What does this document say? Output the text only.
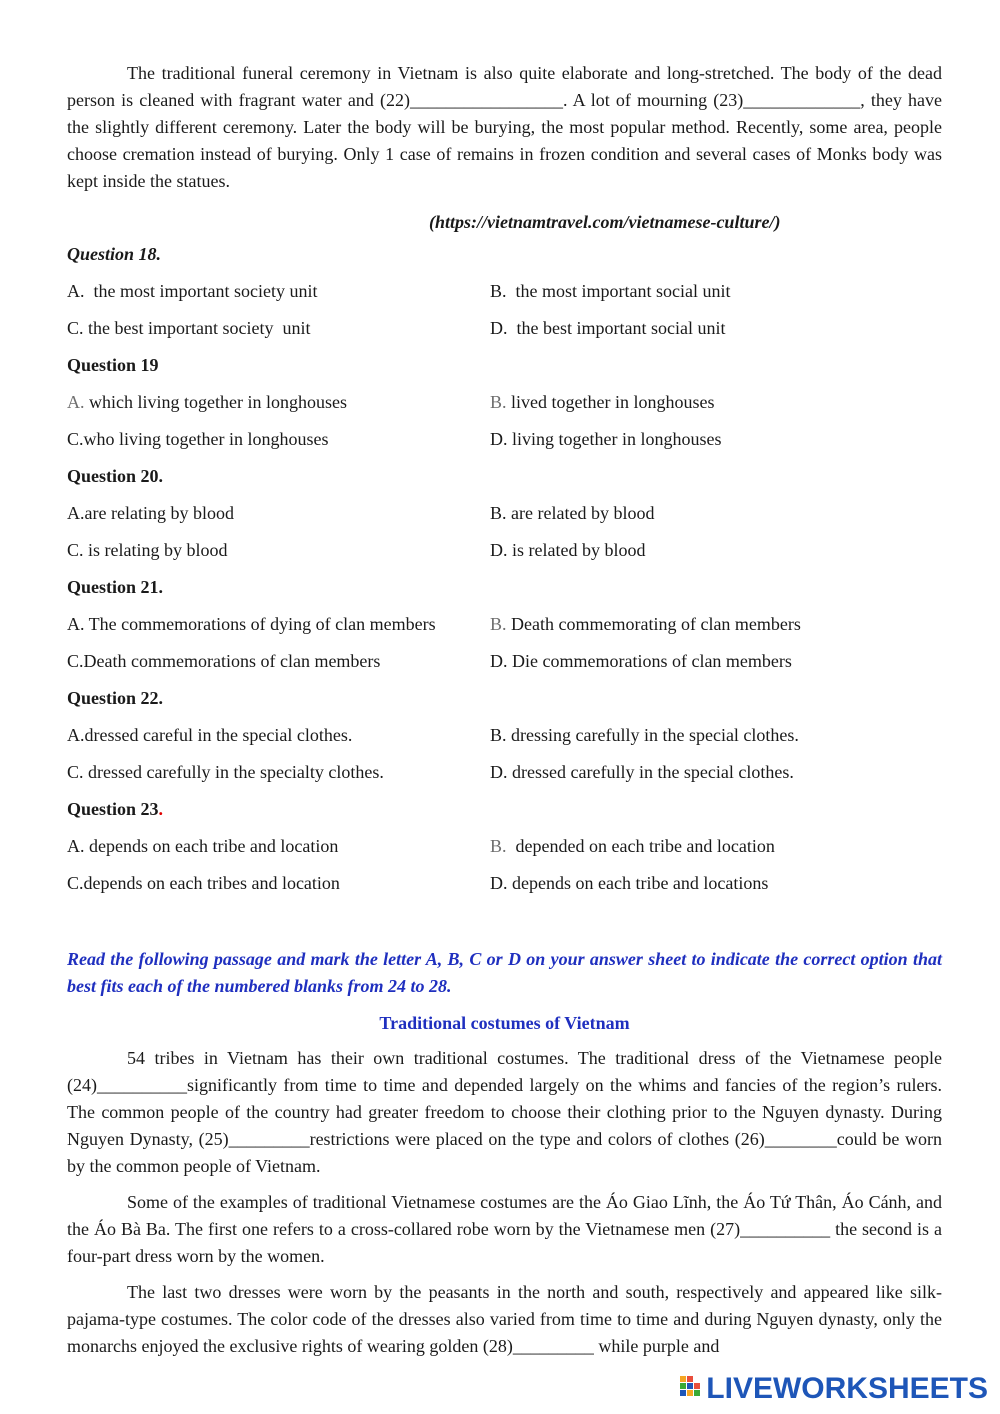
The traditional funeral ceremony in Vietnam is also quite elaborate and long-stretched. The body of the dead person is cleaned with fragrant water and (22)_________________. A lot of mourning (23)_____________, they have the slightly different ceremony. Later the body will be burying, the most popular method. Recently, some area, people choose cremation instead of burying. Only 1 case of remains in frozen condition and several cases of Monks body was kept inside the statues.

(https://vietnamtravel.com/vietnamese-culture/)
Question 18.
A.  the most important society unit	B.  the most important social unit
C. the best important society  unit	D.  the best important social unit
Question 19
A. which living together in longhouses	B. lived together in longhouses
C.who living together in longhouses	D. living together in longhouses
Question 20.
A.are relating by blood	B. are related by blood
C. is relating by blood	D. is related by blood
Question 21.
A. The commemorations of dying of clan members	B. Death commemorating of clan members
C.Death commemorations of clan members	D. Die commemorations of clan members
Question 22.
A.dressed careful in the special clothes.	B. dressing carefully in the special clothes.
C. dressed carefully in the specialty clothes.	D. dressed carefully in the special clothes.
Question 23.
A. depends on each tribe and location	B.  depended on each tribe and location
C.depends on each tribes and location	D. depends on each tribe and locations
Read the following passage and mark the letter A, B, C or D on your answer sheet to indicate the correct option that best fits each of the numbered blanks from 24 to 28.
Traditional costumes of Vietnam

54 tribes in Vietnam has their own traditional costumes. The traditional dress of the Vietnamese people (24)__________significantly from time to time and depended largely on the whims and fancies of the region’s rulers. The common people of the country had greater freedom to choose their clothing prior to the Nguyen dynasty. During Nguyen Dynasty, (25)_________restrictions were placed on the type and colors of clothes (26)________could be worn by the common people of Vietnam.

Some of the examples of traditional Vietnamese costumes are the Áo Giao Lĩnh, the Áo Tứ Thân, Áo Cánh, and the Áo Bà Ba. The first one refers to a cross-collared robe worn by the Vietnamese men (27)__________ the second is a four-part dress worn by the women.

The last two dresses were worn by the peasants in the north and south, respectively and appeared like silk-pajama-type costumes. The color code of the dresses also varied from time to time and during Nguyen dynasty, only the monarchs enjoyed the exclusive rights of wearing golden (28)_________ while purple and

LIVEWORKSHEETS
